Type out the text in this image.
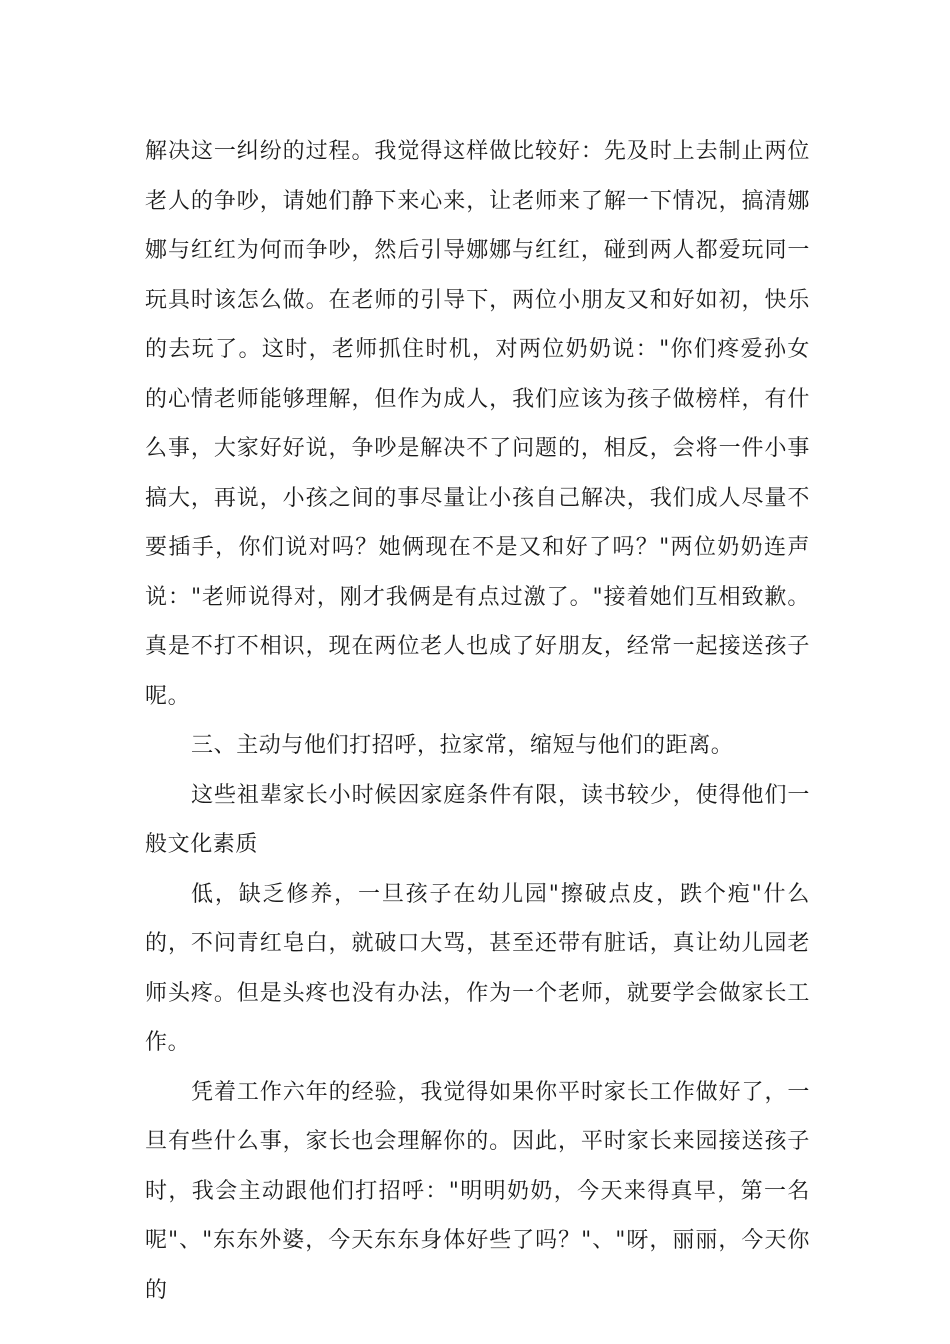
解决这一纠纷的过程。我觉得这样做比较好：先及时上去制止两位老人的争吵，请她们静下来心来，让老师来了解一下情况，搞清娜娜与红红为何而争吵，然后引导娜娜与红红，碰到两人都爱玩同一玩具时该怎么做。在老师的引导下，两位小朋友又和好如初，快乐的去玩了。这时，老师抓住时机，对两位奶奶说："你们疼爱孙女的心情老师能够理解，但作为成人，我们应该为孩子做榜样，有什么事，大家好好说，争吵是解决不了问题的，相反，会将一件小事搞大，再说，小孩之间的事尽量让小孩自己解决，我们成人尽量不要插手，你们说对吗？她俩现在不是又和好了吗？"两位奶奶连声说："老师说得对，刚才我俩是有点过激了。"接着她们互相致歉。真是不打不相识，现在两位老人也成了好朋友，经常一起接送孩子呢。

三、主动与他们打招呼，拉家常，缩短与他们的距离。

这些祖辈家长小时候因家庭条件有限，读书较少，使得他们一般文化素质

低，缺乏修养，一旦孩子在幼儿园"擦破点皮，跌个疱"什么的，不问青红皂白，就破口大骂，甚至还带有脏话，真让幼儿园老师头疼。但是头疼也没有办法，作为一个老师，就要学会做家长工作。

凭着工作六年的经验，我觉得如果你平时家长工作做好了，一旦有些什么事，家长也会理解你的。因此，平时家长来园接送孩子时，我会主动跟他们打招呼："明明奶奶，今天来得真早，第一名呢"、"东东外婆，今天东东身体好些了吗？"、"呀，丽丽，今天你的
